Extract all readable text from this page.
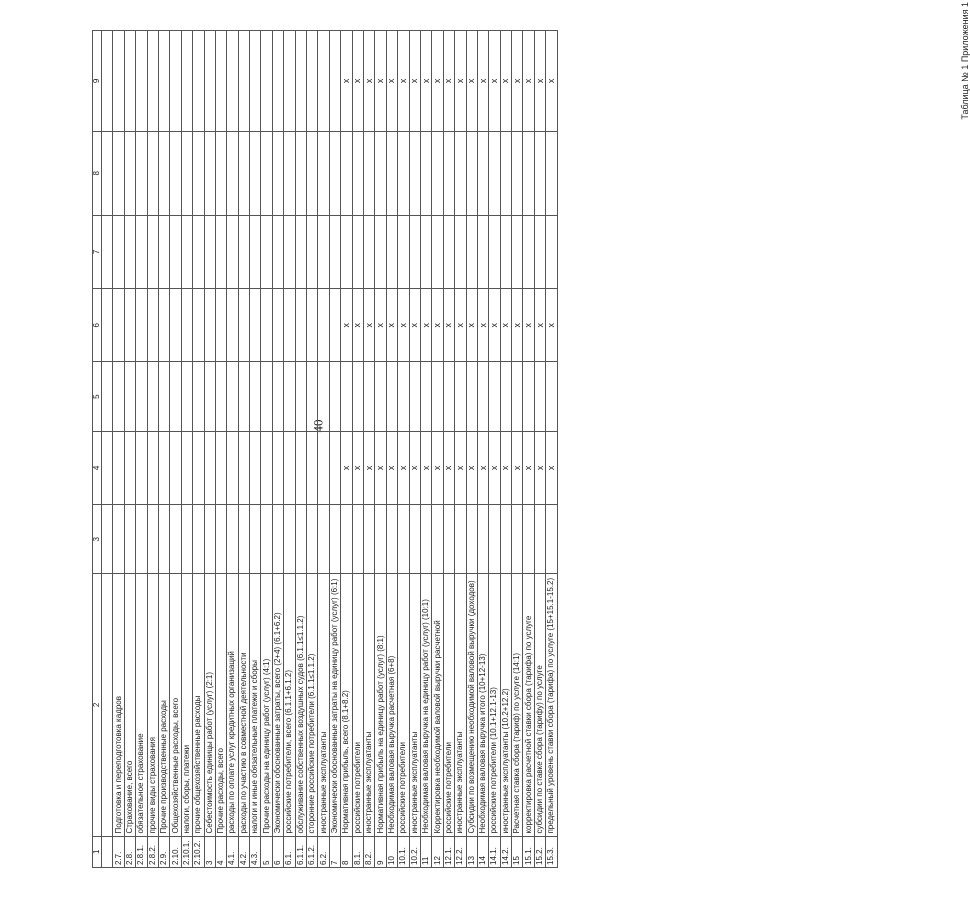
40
Таблица № 1 Приложения 1
1	2	3	4	5	6	7	8	9

2.7.	Подготовка и переподготовка кадров							
2.8.	Страхование, всего							
2.8.1.	обязательное страхование							
2.8.2.	прочие виды страхования							
2.9.	Прочие производственные расходы							
2.10.	Общехозяйственные расходы, всего							
2.10.1.	налоги, сборы, платежи							
2.10.2.	прочие общехозяйственные расходы							
3	Себестоимость единицы работ (услуг) (2:1)							
4	Прочие расходы, всего							
4.1.	расходы по оплате услуг кредитных организаций							
4.2.	расходы по участию в совместной деятельности							
4.3.	налоги и иные обязательные платежи и сборы							
5	Прочие расходы на единицу работ (услуг) (4:1)							
6	Экономически обоснованные затраты, всего (2+4) (6.1+6.2)							
6.1.	российские потребители, всего (6.1.1+6.1.2)							
6.1.1.	обслуживание собственных воздушных судов (6.1.1≤1.1.2)							
6.1.2.	сторонние российские потребители (6.1.1≤1.1.2)							
6.2.	иностранные эксплуатанты							
7	Экономически обоснованные затраты на единицу работ (услуг) (6:1)							
8	Нормативная прибыль, всего (8.1+8.2)		x		x			x
8.1.	российские потребители		x		x			x
8.2.	иностранные эксплуатанты		x		x			x
9	Нормативная прибыль на единицу работ (услуг) (8:1)		x		x			x
10	Необходимая валовая выручка расчетная (6+8)		x		x			x
10.1.	российские потребители		x		x			x
10.2.	иностранные эксплуатанты		x		x			x
11	Необходимая валовая выручка на единицу работ (услуг) (10:1)		x		x			x
12	Корректировка необходимой валовой выручки расчетной		x		x			x
12.1.	российские потребители		x		x			x
12.2.	иностранные эксплуатанты		x		x			x
13	Субсидии по возмещению необходимой валовой выручки (доходов)		x		x			x
14	Необходимая валовая выручка итого (10+12-13)		x		x			x
14.1.	российские потребители (10.1+12.1-13)		x		x			x
14.2.	иностранные эксплуатанты (10.2+12.2)		x		x			x
15	Расчетная ставка сбора (тариф) по услуге (14:1)		x		x			x
15.1.	корректировка расчетной ставки сбора (тарифа) по услуге		x		x			x
15.2.	субсидии по ставке сбора (тарифу) по услуге		x		x			x
15.3.	предельный уровень ставки сбора (тарифа) по услуге (15+15.1-15.2)		x		x			x
